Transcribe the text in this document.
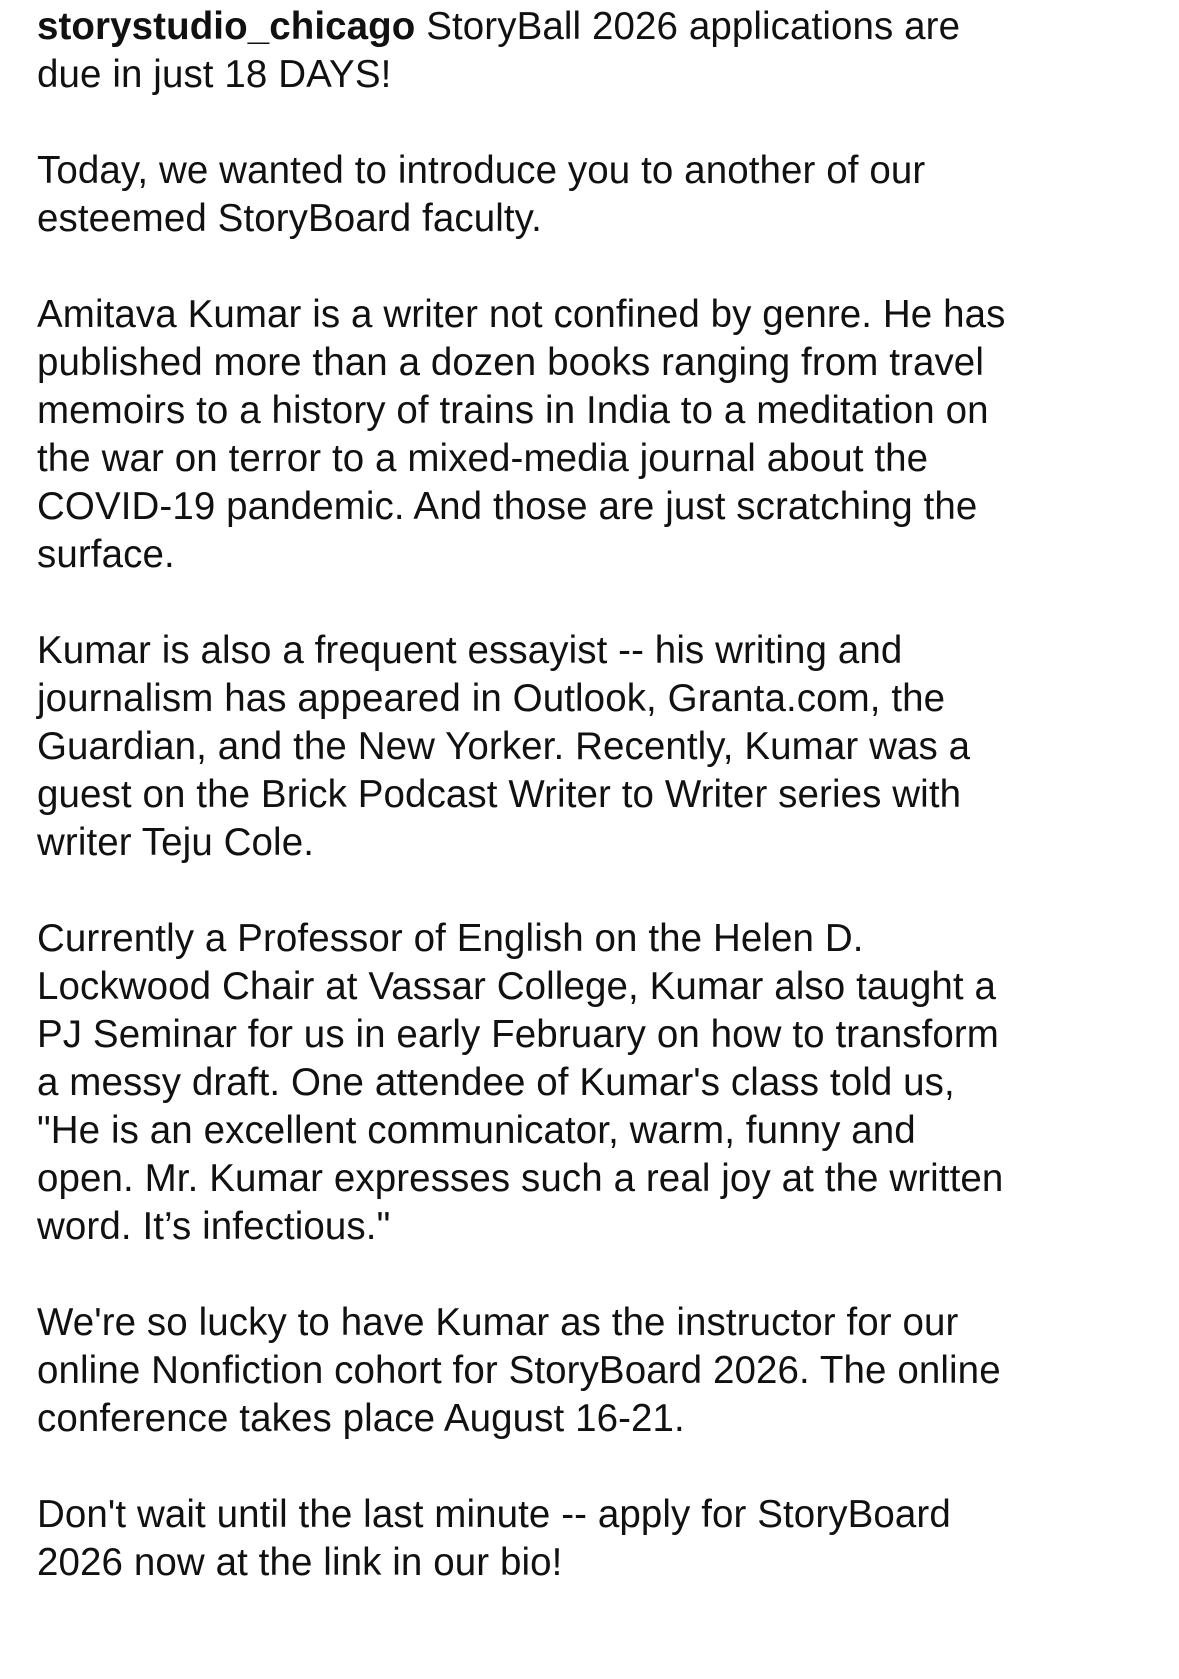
storystudio_chicago StoryBall 2026 applications are
due in just 18 DAYS!

Today, we wanted to introduce you to another of our
esteemed StoryBoard faculty.

Amitava Kumar is a writer not confined by genre. He has
published more than a dozen books ranging from travel
memoirs to a history of trains in India to a meditation on
the war on terror to a mixed-media journal about the
COVID-19 pandemic. And those are just scratching the
surface.

Kumar is also a frequent essayist -- his writing and
journalism has appeared in Outlook, Granta.com, the
Guardian, and the New Yorker. Recently, Kumar was a
guest on the Brick Podcast Writer to Writer series with
writer Teju Cole.

Currently a Professor of English on the Helen D.
Lockwood Chair at Vassar College, Kumar also taught a
PJ Seminar for us in early February on how to transform
a messy draft. One attendee of Kumar's class told us,
"He is an excellent communicator, warm, funny and
open. Mr. Kumar expresses such a real joy at the written
word. It’s infectious."

We're so lucky to have Kumar as the instructor for our
online Nonfiction cohort for StoryBoard 2026. The online
conference takes place August 16-21.

Don't wait until the last minute -- apply for StoryBoard
2026 now at the link in our bio!
